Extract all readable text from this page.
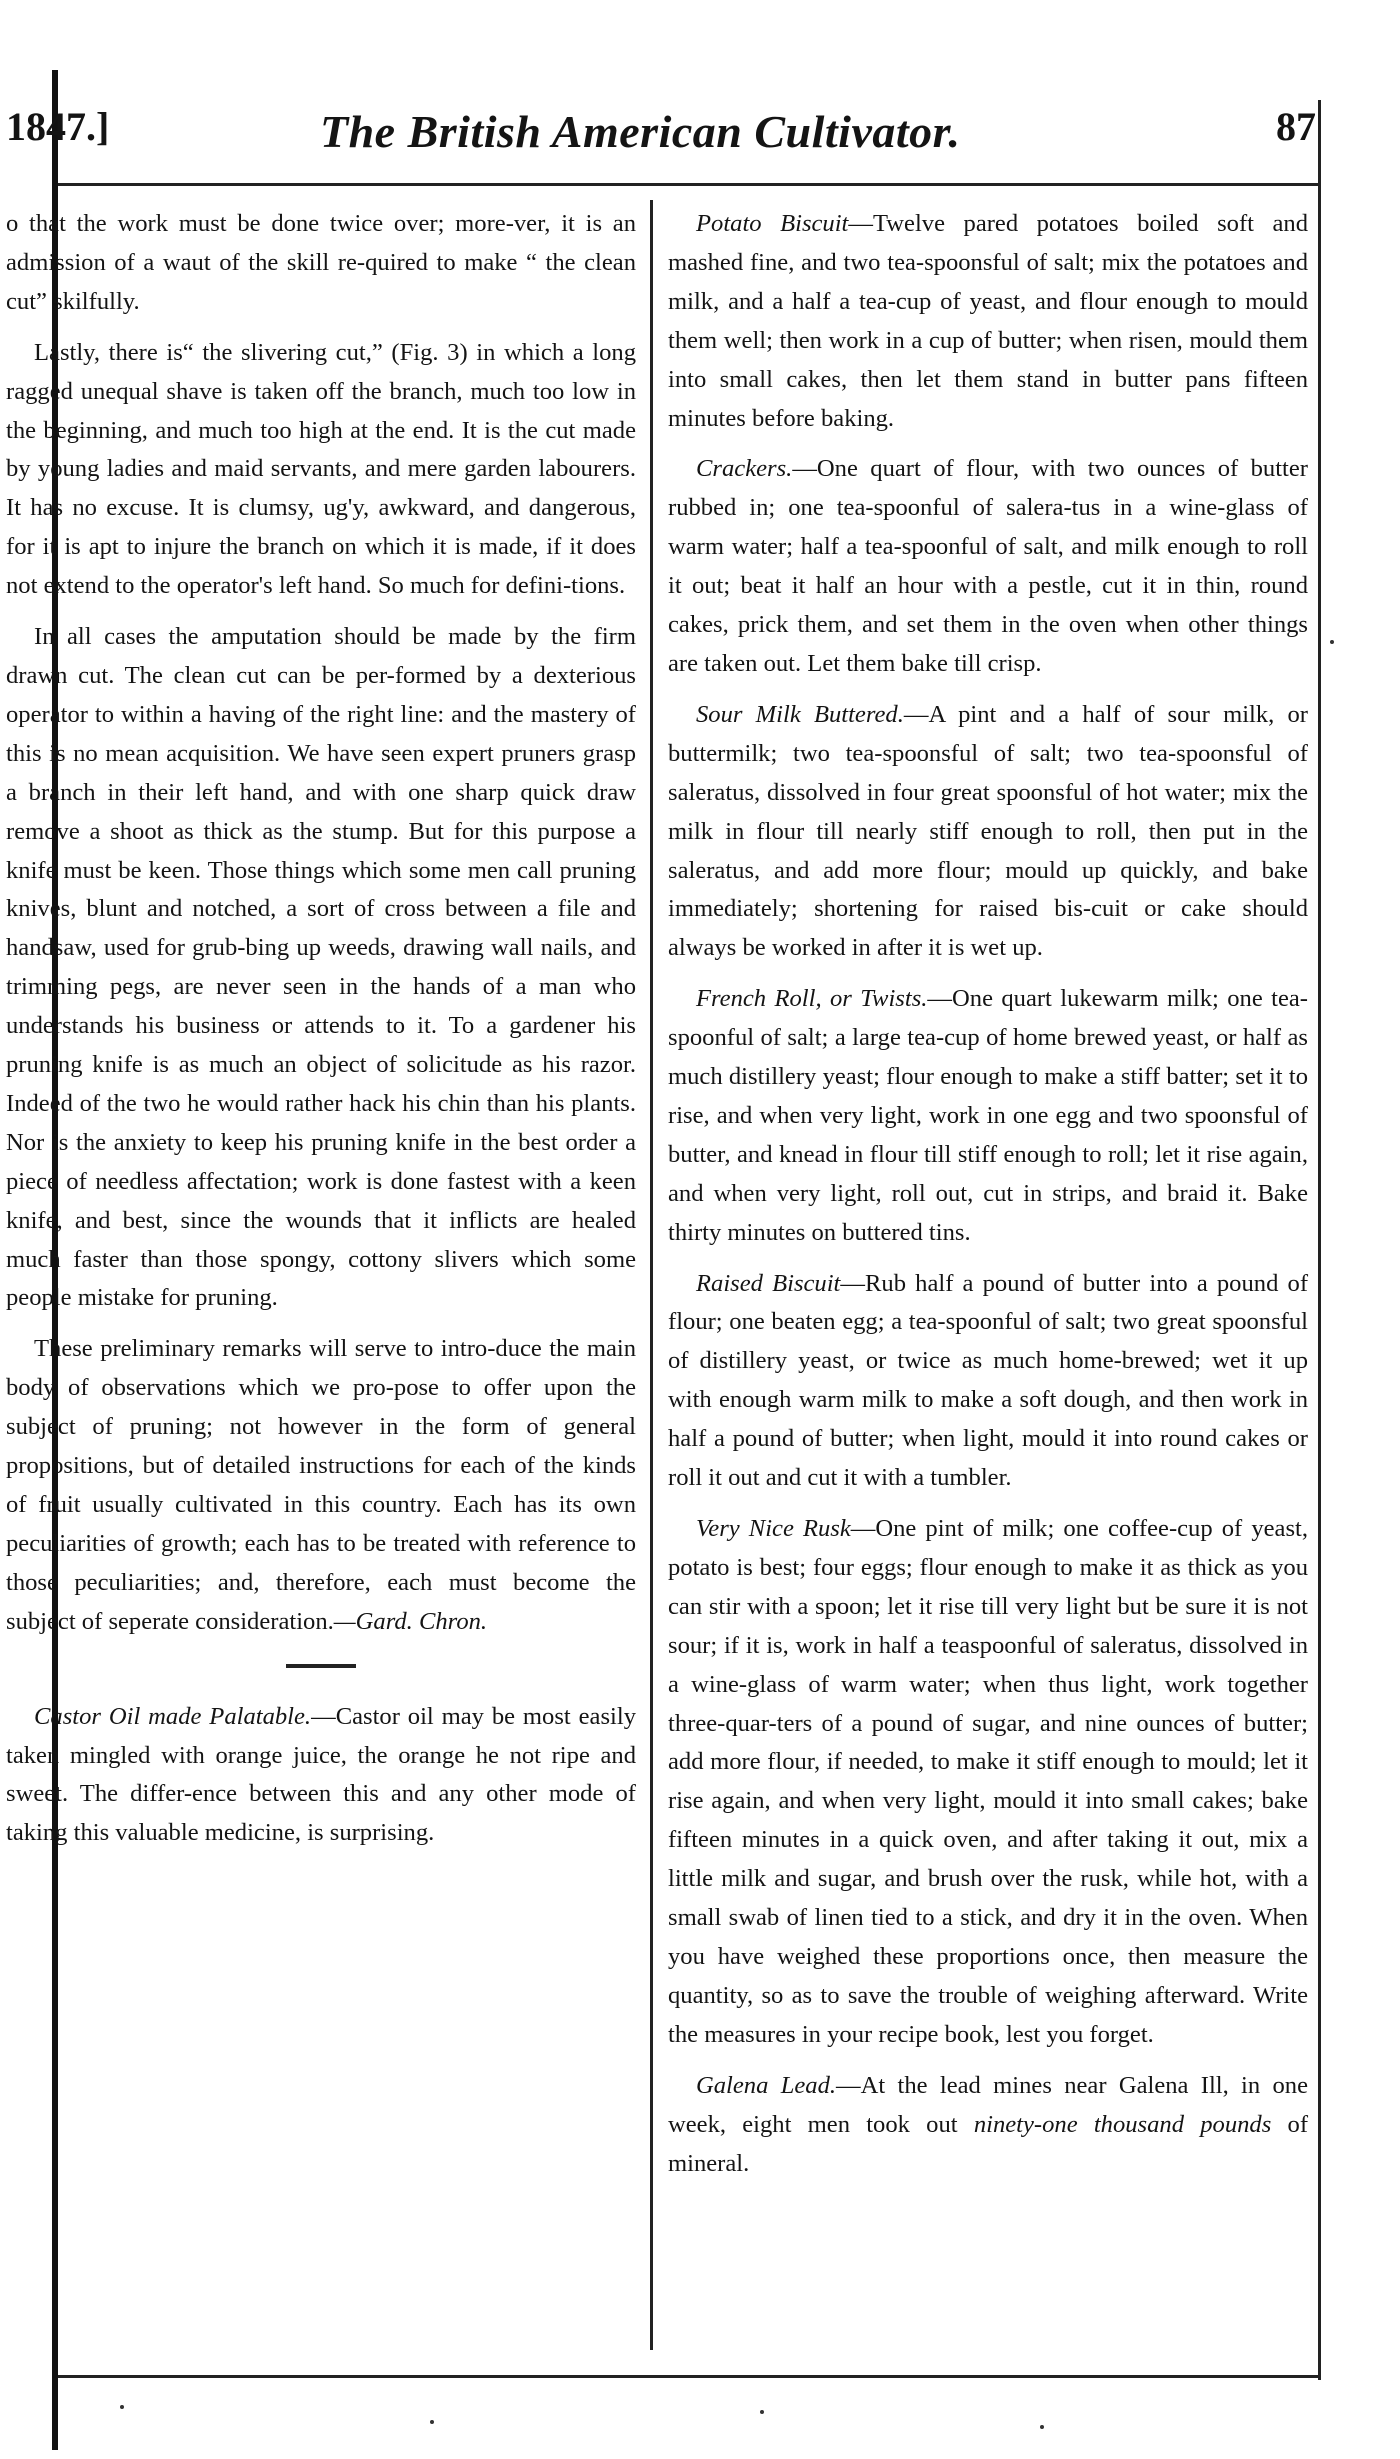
1847.]	The British American Cultivator.	87

o that the work must be done twice over; more-ver, it is an admission of a waut of the skill re-quired to make “ the clean cut” skilfully.

Lastly, there is“ the slivering cut,” (Fig. 3) in which a long ragged unequal shave is taken off the branch, much too low in the beginning, and much too high at the end. It is the cut made by young ladies and maid servants, and mere garden labourers. It has no excuse. It is clumsy, ug'y, awkward, and dangerous, for it is apt to injure the branch on which it is made, if it does not extend to the operator's left hand. So much for defini-tions.

In all cases the amputation should be made by the firm drawn cut. The clean cut can be per-formed by a dexterious operator to within a having of the right line: and the mastery of this is no mean acquisition. We have seen expert pruners grasp a branch in their left hand, and with one sharp quick draw remove a shoot as thick as the stump. But for this purpose a knife must be keen. Those things which some men call pruning knives, blunt and notched, a sort of cross between a file and handsaw, used for grub-bing up weeds, drawing wall nails, and trimming pegs, are never seen in the hands of a man who understands his business or attends to it. To a gardener his pruning knife is as much an object of solicitude as his razor. Indeed of the two he would rather hack his chin than his plants. Nor is the anxiety to keep his pruning knife in the best order a piece of needless affectation; work is done fastest with a keen knife, and best, since the wounds that it inflicts are healed much faster than those spongy, cottony slivers which some people mistake for pruning.

These preliminary remarks will serve to intro-duce the main body of observations which we pro-pose to offer upon the subject of pruning; not however in the form of general propositions, but of detailed instructions for each of the kinds of fruit usually cultivated in this country. Each has its own peculiarities of growth; each has to be treated with reference to those peculiarities; and, therefore, each must become the subject of seperate consideration.—Gard. Chron.

Castor Oil made Palatable.—Castor oil may be most easily taken mingled with orange juice, the orange he not ripe and sweet. The differ-ence between this and any other mode of taking this valuable medicine, is surprising.

Potato Biscuit—Twelve pared potatoes boiled soft and mashed fine, and two tea-spoonsful of salt; mix the potatoes and milk, and a half a tea-cup of yeast, and flour enough to mould them well; then work in a cup of butter; when risen, mould them into small cakes, then let them stand in butter pans fifteen minutes before baking.

Crackers.—One quart of flour, with two ounces of butter rubbed in; one tea-spoonful of salera-tus in a wine-glass of warm water; half a tea-spoonful of salt, and milk enough to roll it out; beat it half an hour with a pestle, cut it in thin, round cakes, prick them, and set them in the oven when other things are taken out. Let them bake till crisp.

Sour Milk Buttered.—A pint and a half of sour milk, or buttermilk; two tea-spoonsful of salt; two tea-spoonsful of saleratus, dissolved in four great spoonsful of hot water; mix the milk in flour till nearly stiff enough to roll, then put in the saleratus, and add more flour; mould up quickly, and bake immediately; shortening for raised bis-cuit or cake should always be worked in after it is wet up.

French Roll, or Twists.—One quart lukewarm milk; one tea-spoonful of salt; a large tea-cup of home brewed yeast, or half as much distillery yeast; flour enough to make a stiff batter; set it to rise, and when very light, work in one egg and two spoonsful of butter, and knead in flour till stiff enough to roll; let it rise again, and when very light, roll out, cut in strips, and braid it. Bake thirty minutes on buttered tins.

Raised Biscuit—Rub half a pound of butter into a pound of flour; one beaten egg; a tea-spoonful of salt; two great spoonsful of distillery yeast, or twice as much home-brewed; wet it up with enough warm milk to make a soft dough, and then work in half a pound of butter; when light, mould it into round cakes or roll it out and cut it with a tumbler.

Very Nice Rusk—One pint of milk; one coffee-cup of yeast, potato is best; four eggs; flour enough to make it as thick as you can stir with a spoon; let it rise till very light but be sure it is not sour; if it is, work in half a teaspoonful of saleratus, dissolved in a wine-glass of warm water; when thus light, work together three-quar-ters of a pound of sugar, and nine ounces of butter; add more flour, if needed, to make it stiff enough to mould; let it rise again, and when very light, mould it into small cakes; bake fifteen minutes in a quick oven, and after taking it out, mix a little milk and sugar, and brush over the rusk, while hot, with a small swab of linen tied to a stick, and dry it in the oven. When you have weighed these proportions once, then measure the quantity, so as to save the trouble of weighing afterward. Write the measures in your recipe book, lest you forget.

Galena Lead.—At the lead mines near Galena Ill, in one week, eight men took out ninety-one thousand pounds of mineral.
